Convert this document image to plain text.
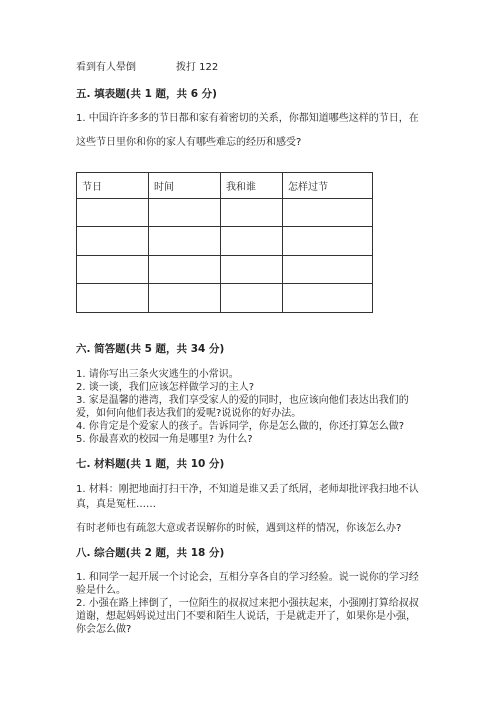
看到有人晕倒	拨打 122
五. 填表题(共 1 题，共 6 分)
1. 中国许许多多的节日都和家有着密切的关系，你都知道哪些这样的节日，在
这些节日里你和你的家人有哪些难忘的经历和感受?
节日	时间	我和谁	怎样过节

六. 简答题(共 5 题，共 34 分)
1. 请你写出三条火灾逃生的小常识。
2. 谈一谈，我们应该怎样做学习的主人?
3. 家是温馨的港湾，我们享受家人的爱的同时，也应该向他们表达出我们的
爱，如何向他们表达我们的爱呢?说说你的好办法。
4. 你肯定是个爱家人的孩子。告诉同学，你是怎么做的，你还打算怎么做?
5. 你最喜欢的校园一角是哪里? 为什么?
七. 材料题(共 1 题，共 10 分)
1. 材料：刚把地面打扫干净，不知道是谁又丢了纸屑，老师却批评我扫地不认
真，真是冤枉……
有时老师也有疏忽大意或者误解你的时候，遇到这样的情况，你该怎么办?
八. 综合题(共 2 题，共 18 分)
1. 和同学一起开展一个讨论会，互相分享各自的学习经验。说一说你的学习经
验是什么。
2. 小强在路上摔倒了，一位陌生的叔叔过来把小强扶起来，小强刚打算给叔叔
道谢，想起妈妈说过出门不要和陌生人说话，于是就走开了，如果你是小强，
你会怎么做?
